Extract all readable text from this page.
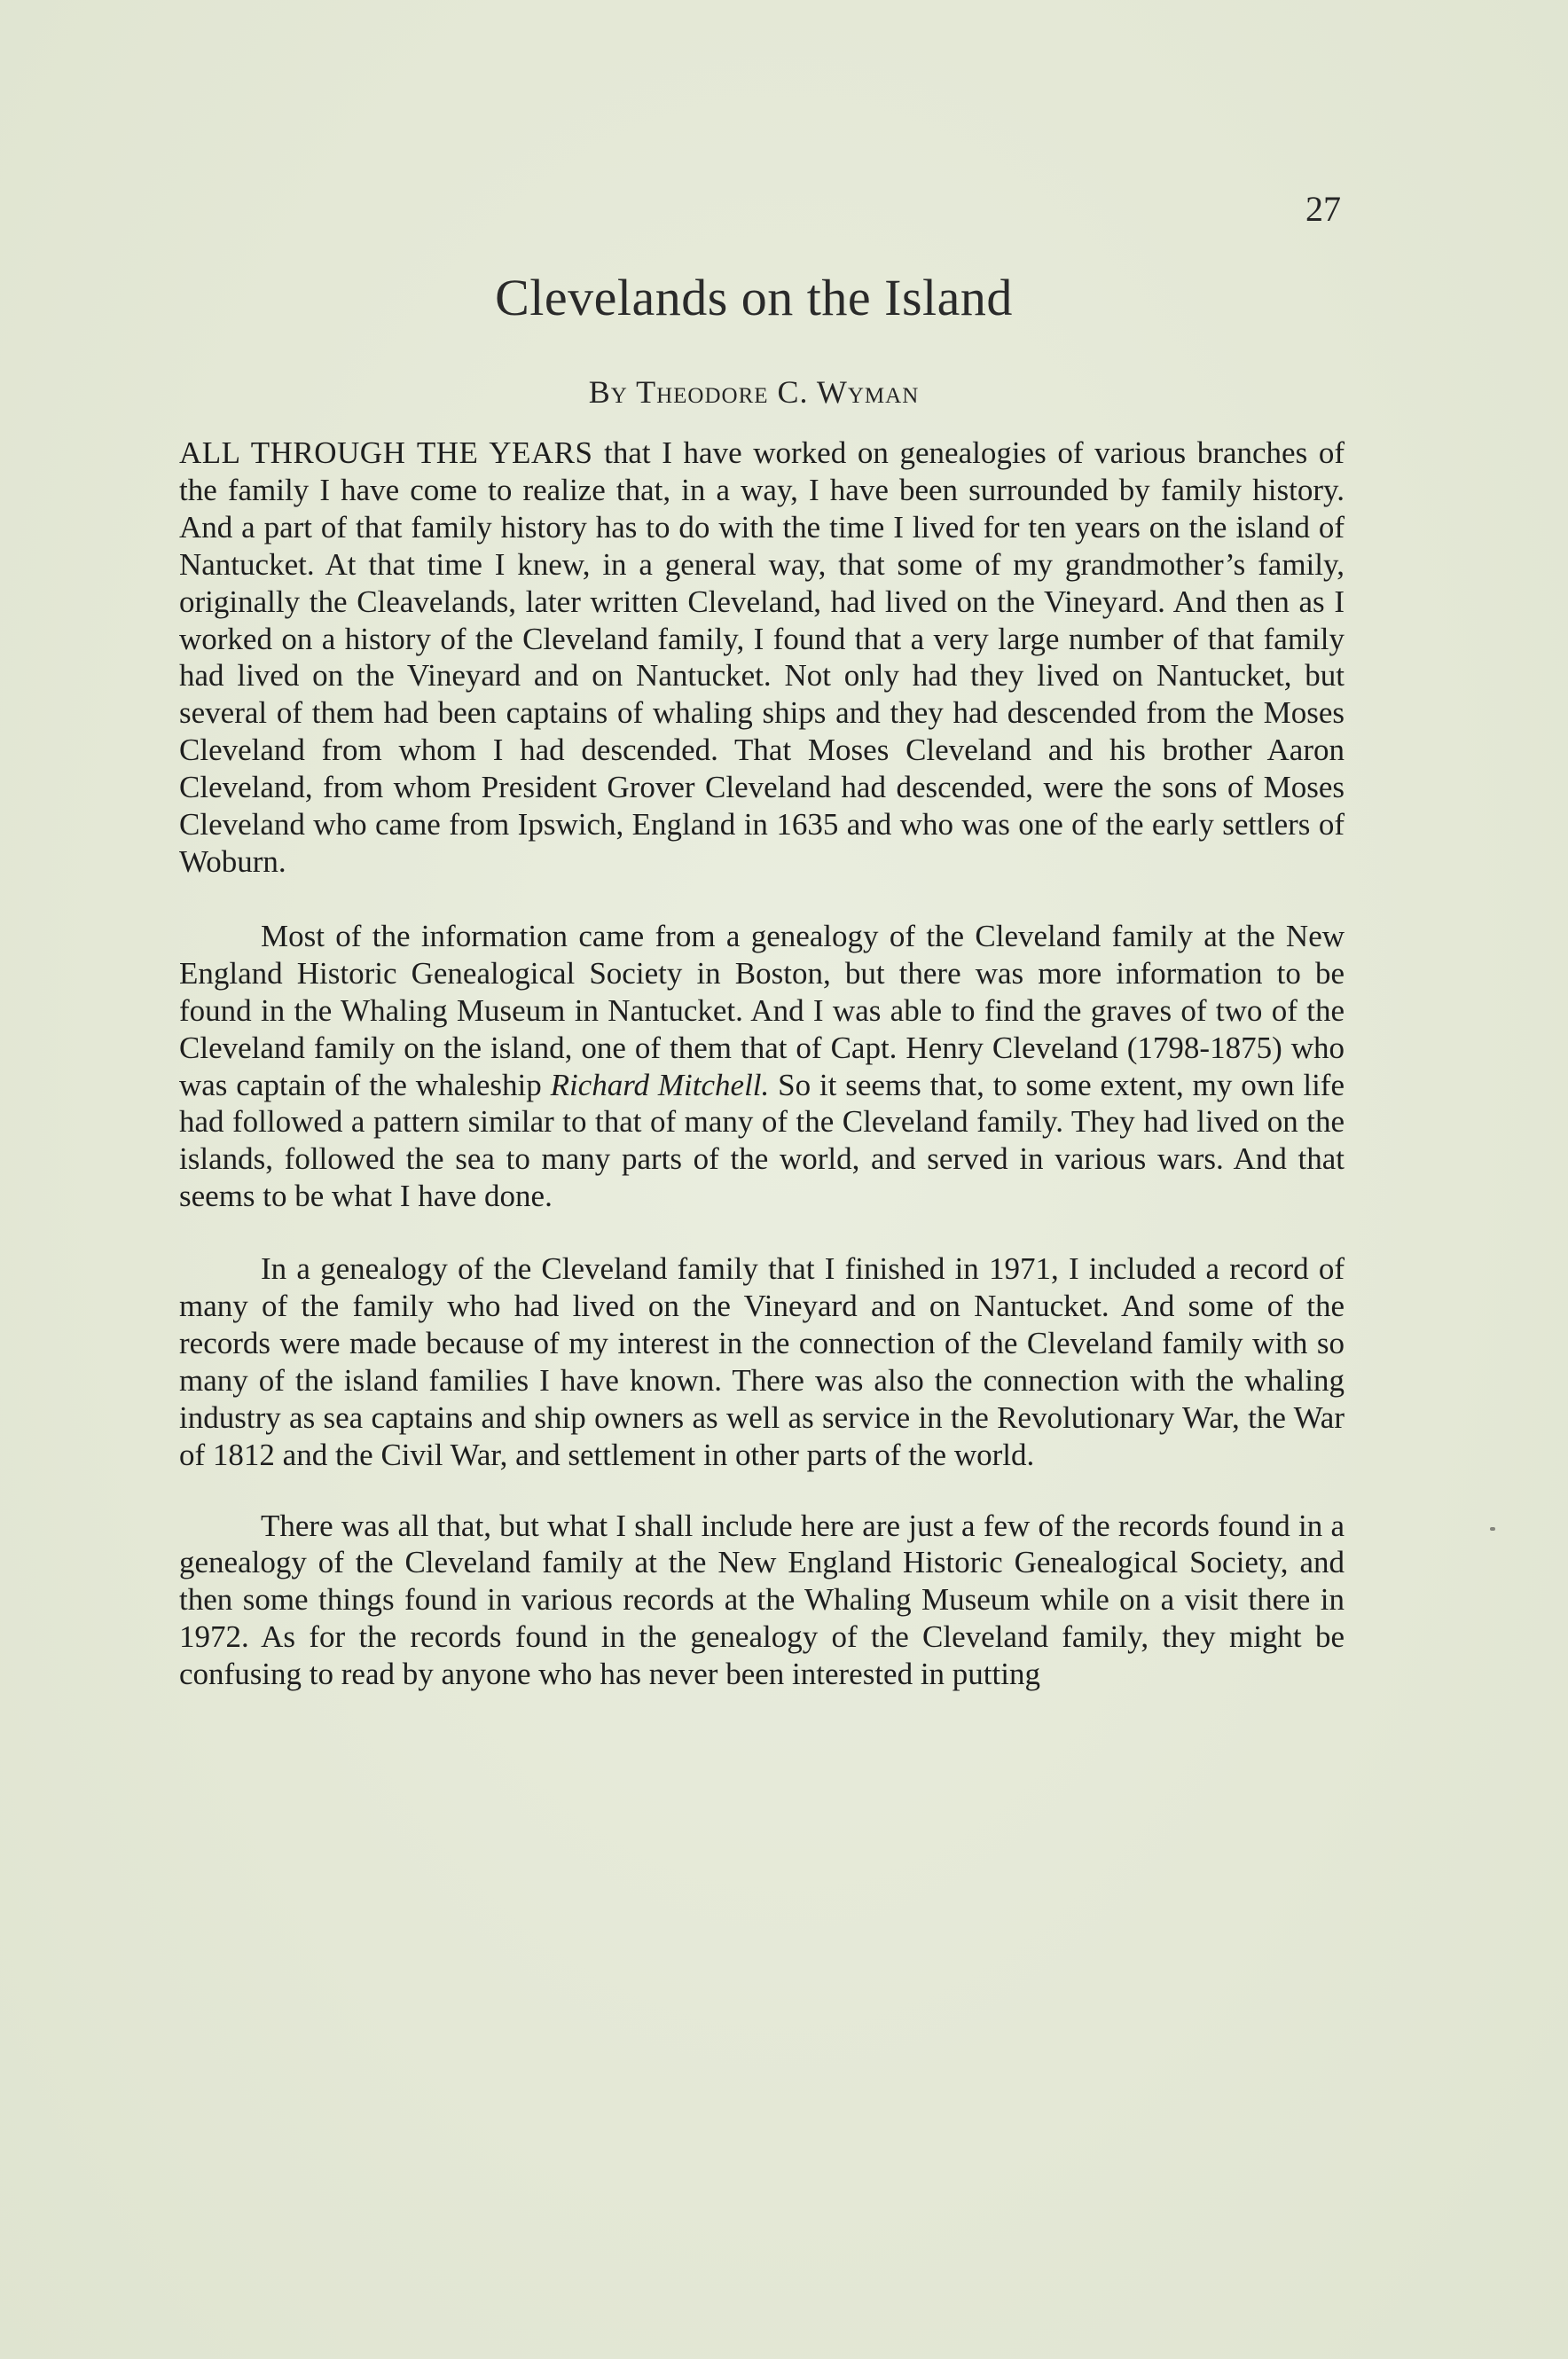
27
Clevelands on the Island
By Theodore C. Wyman

ALL THROUGH THE YEARS that I have worked on genealogies of various branches of the family I have come to realize that, in a way, I have been surrounded by family history. And a part of that family history has to do with the time I lived for ten years on the island of Nantucket. At that time I knew, in a general way, that some of my grandmother’s family, originally the Cleavelands, later written Cleveland, had lived on the Vineyard. And then as I worked on a history of the Cleveland family, I found that a very large number of that family had lived on the Vineyard and on Nantucket. Not only had they lived on Nantucket, but several of them had been captains of whaling ships and they had descended from the Moses Cleveland from whom I had descended. That Moses Cleveland and his brother Aaron Cleveland, from whom President Grover Cleveland had descended, were the sons of Moses Cleveland who came from Ipswich, England in 1635 and who was one of the early settlers of Woburn.

Most of the information came from a genealogy of the Cleveland family at the New England Historic Genealogical Society in Boston, but there was more information to be found in the Whaling Museum in Nantucket. And I was able to find the graves of two of the Cleveland family on the island, one of them that of Capt. Henry Cleveland (1798-1875) who was captain of the whaleship Richard Mitchell. So it seems that, to some extent, my own life had followed a pattern similar to that of many of the Cleveland family. They had lived on the islands, followed the sea to many parts of the world, and served in various wars. And that seems to be what I have done.

In a genealogy of the Cleveland family that I finished in 1971, I included a record of many of the family who had lived on the Vineyard and on Nantucket. And some of the records were made because of my interest in the connection of the Cleveland family with so many of the island families I have known. There was also the connection with the whaling industry as sea captains and ship owners as well as service in the Revolutionary War, the War of 1812 and the Civil War, and settlement in other parts of the world.

There was all that, but what I shall include here are just a few of the records found in a genealogy of the Cleveland family at the New England Historic Genealogical Society, and then some things found in various records at the Whaling Museum while on a visit there in 1972. As for the records found in the genealogy of the Cleveland family, they might be confusing to read by anyone who has never been interested in putting
